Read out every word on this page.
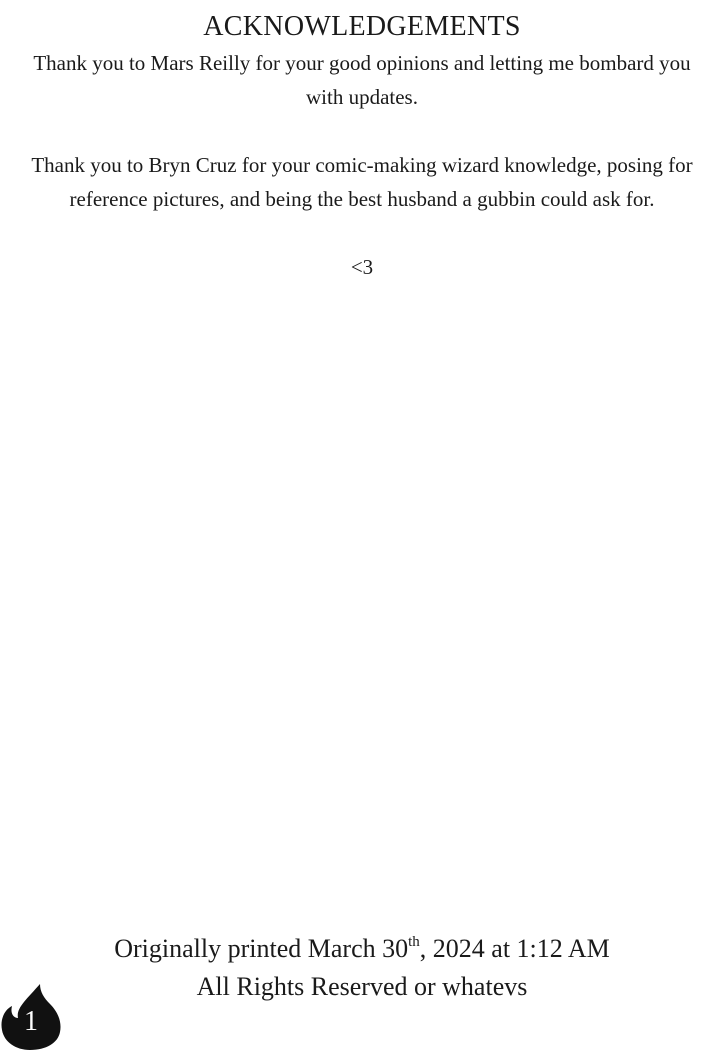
ACKNOWLEDGEMENTS
Thank you to Mars Reilly for your good opinions and letting me bombard you with updates.
Thank you to Bryn Cruz for your comic-making wizard knowledge, posing for reference pictures, and being the best husband a gubbin could ask for.
<3
Originally printed March 30th, 2024 at 1:12 AM
All Rights Reserved or whatevs
1
